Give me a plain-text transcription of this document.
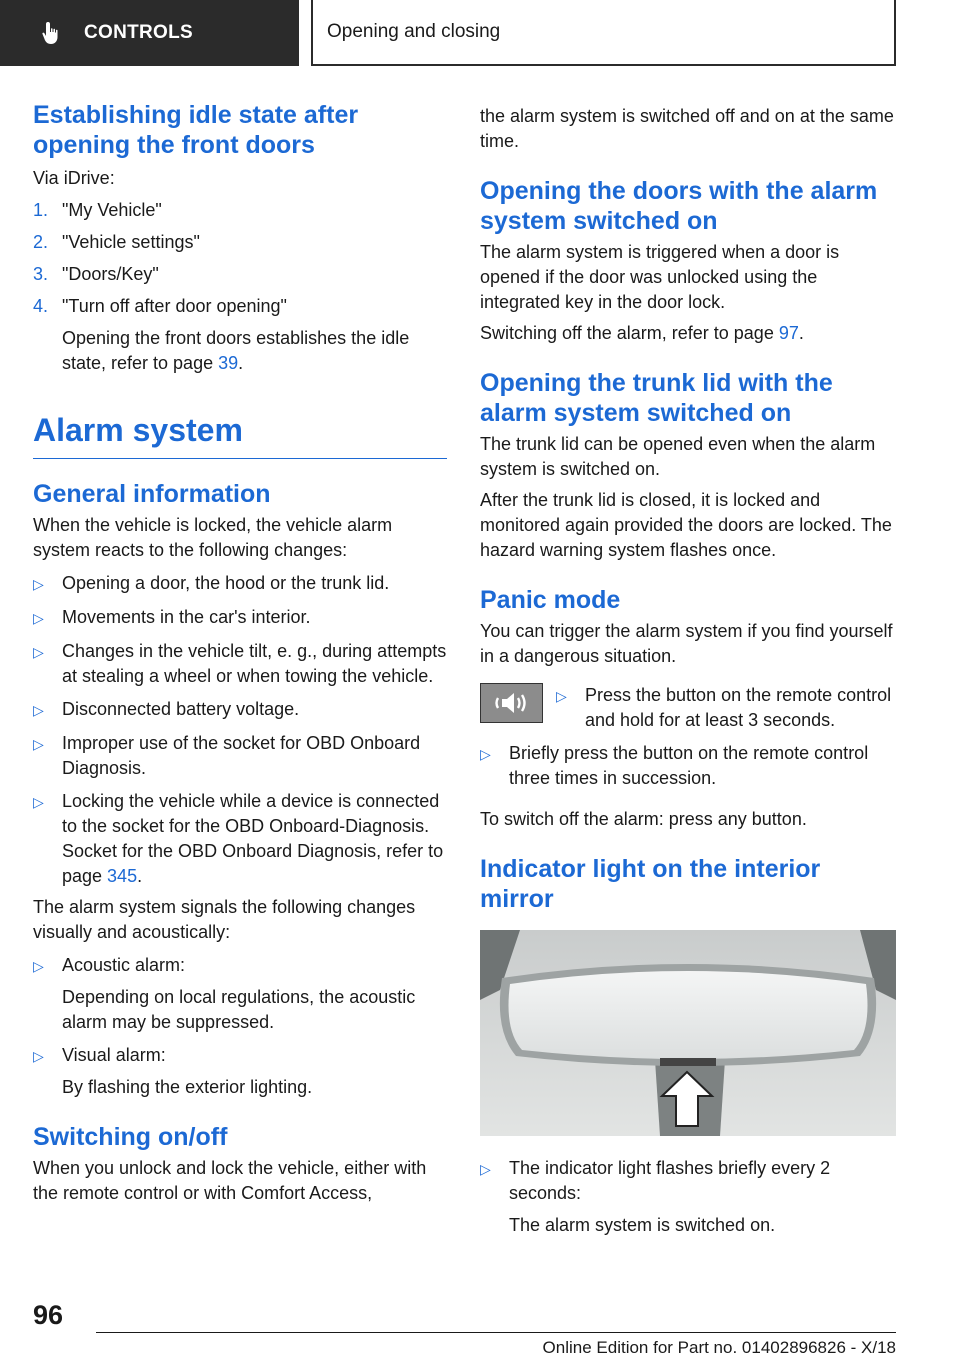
CONTROLS	Opening and closing
Establishing idle state after opening the front doors

Via iDrive:

1. "My Vehicle"
2. "Vehicle settings"
3. "Doors/Key"
4. "Turn off after door opening"
Opening the front doors establishes the idle state, refer to page 39.
Alarm system
General information

When the vehicle is locked, the vehicle alarm system reacts to the following changes:

▷	Opening a door, the hood or the trunk lid.
▷	Movements in the car's interior.
▷	Changes in the vehicle tilt, e. g., during attempts at stealing a wheel or when towing the vehicle.
▷	Disconnected battery voltage.
▷	Improper use of the socket for OBD Onboard Diagnosis.
▷	Locking the vehicle while a device is connected to the socket for the OBD Onboard-Diagnosis. Socket for the OBD Onboard Diagnosis, refer to page 345.

The alarm system signals the following changes visually and acoustically:

▷	Acoustic alarm:
Depending on local regulations, the acoustic alarm may be suppressed.
▷	Visual alarm:
By flashing the exterior lighting.
Switching on/off

When you unlock and lock the vehicle, either with the remote control or with Comfort Access,

the alarm system is switched off and on at the same time.

Opening the doors with the alarm system switched on

The alarm system is triggered when a door is opened if the door was unlocked using the integrated key in the door lock.

Switching off the alarm, refer to page 97.

Opening the trunk lid with the alarm system switched on

The trunk lid can be opened even when the alarm system is switched on.

After the trunk lid is closed, it is locked and monitored again provided the doors are locked. The hazard warning system flashes once.

Panic mode

You can trigger the alarm system if you find yourself in a dangerous situation.

▷	Press the button on the remote control and hold for at least 3 seconds.
▷	Briefly press the button on the remote control three times in succession.

To switch off the alarm: press any button.

Indicator light on the interior mirror
▷	The indicator light flashes briefly every 2 seconds:
The alarm system is switched on.
96
Online Edition for Part no. 01402896826 - X/18
